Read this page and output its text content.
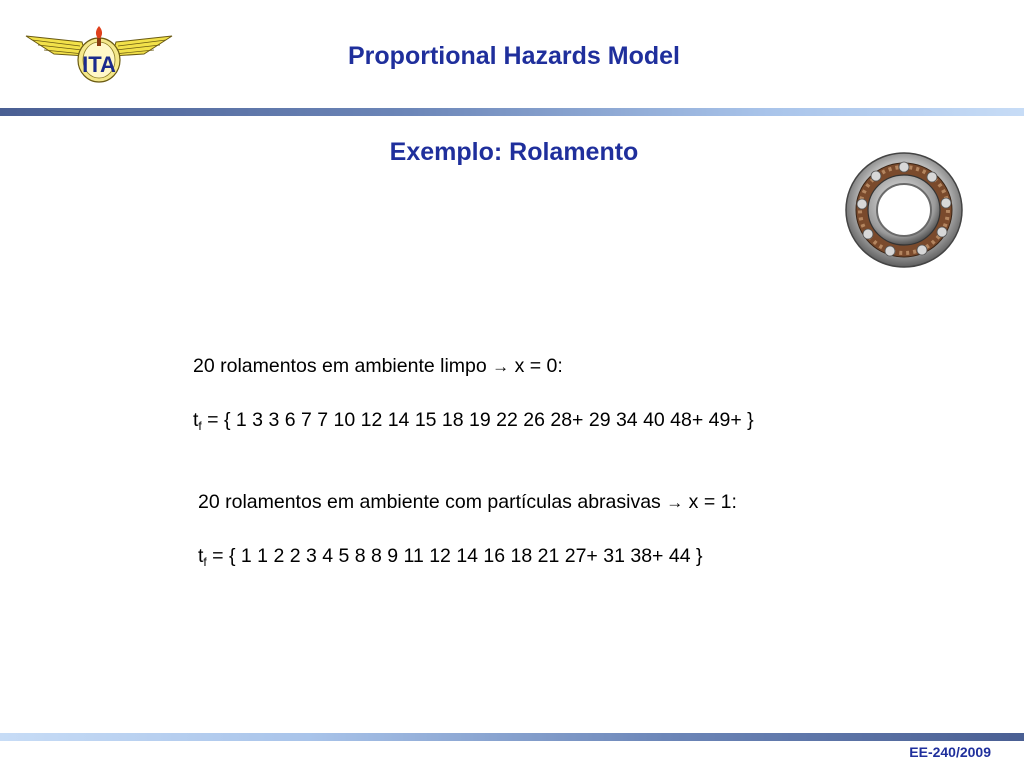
ITA	Proportional Hazards Model
Exemplo: Rolamento
20 rolamentos em ambiente limpo → x = 0:
$t_f$ = { 1 3 3 6 7 7 10 12 14 15 18 19 22 26 28+ 29 34 40 48+ 49+ }
20 rolamentos em ambiente com partículas abrasivas → x = 1:
$t_f$ = { 1 1 2 2 3 4 5 8 8 9 11 12 14 16 18 21 27+ 31 38+ 44 }
EE-240/2009
